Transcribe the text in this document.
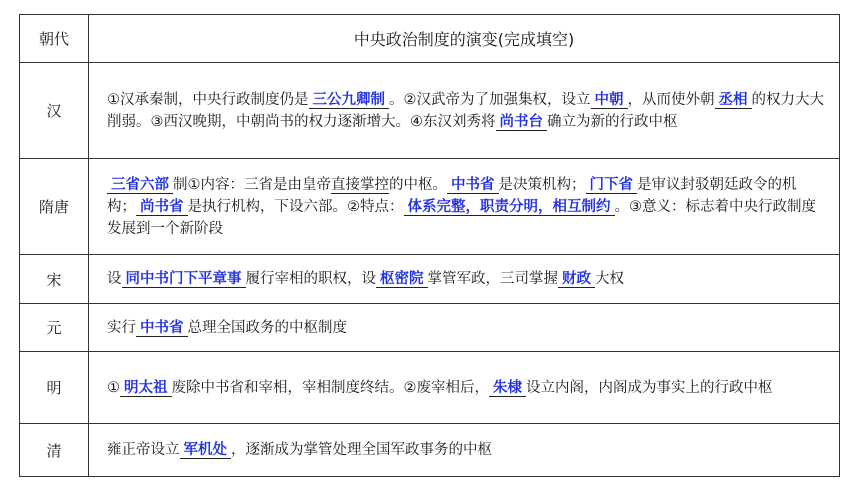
朝代	中央政治制度的演变(完成填空)
汉	①汉承秦制，中央行政制度仍是 三公九卿制 。②汉武帝为了加强集权，设立 中朝 ，从而使外朝 丞相 的权力大大削弱。③西汉晚期，中朝尚书的权力逐渐增大。④东汉刘秀将 尚书台 确立为新的行政中枢
隋唐	三省六部 制①内容：三省是由皇帝直接掌控的中枢。 中书省 是决策机构； 门下省 是审议封驳朝廷政令的机构； 尚书省 是执行机构，下设六部。②特点： 体系完整，职责分明，相互制约 。③意义：标志着中央行政制度发展到一个新阶段
宋	设 同中书门下平章事 履行宰相的职权，设 枢密院 掌管军政，三司掌握 财政 大权
元	实行 中书省 总理全国政务的中枢制度
明	① 明太祖 废除中书省和宰相，宰相制度终结。②废宰相后， 朱棣 设立内阁，内阁成为事实上的行政中枢
清	雍正帝设立 军机处 ，逐渐成为掌管处理全国军政事务的中枢
